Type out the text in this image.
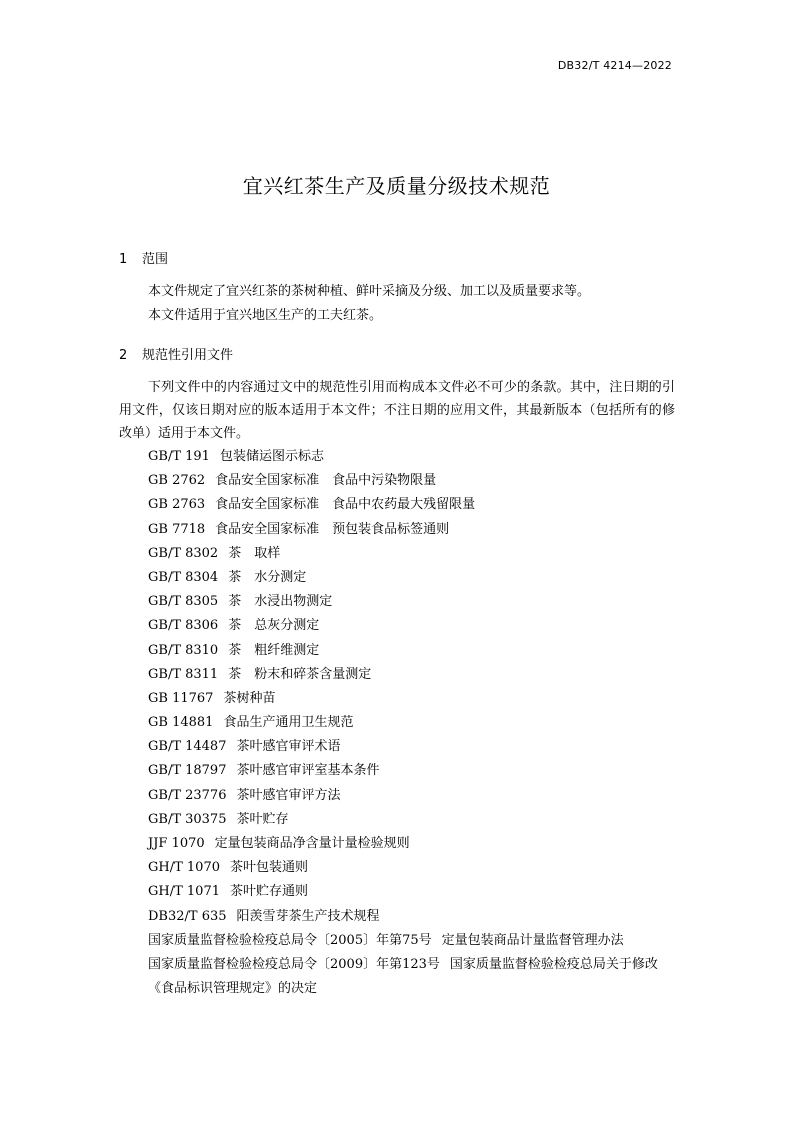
DB32/T 4214—2022
宜兴红茶生产及质量分级技术规范
1 范围
本文件规定了宜兴红茶的茶树种植、鲜叶采摘及分级、加工以及质量要求等。
本文件适用于宜兴地区生产的工夫红茶。
2 规范性引用文件
下列文件中的内容通过文中的规范性引用而构成本文件必不可少的条款。其中，注日期的引用文件，仅该日期对应的版本适用于本文件；不注日期的应用文件，其最新版本（包括所有的修改单）适用于本文件。
GB/T 191 包装储运图示标志
GB 2762 食品安全国家标准　食品中污染物限量
GB 2763 食品安全国家标准　食品中农药最大残留限量
GB 7718 食品安全国家标准　预包装食品标签通则
GB/T 8302 茶　取样
GB/T 8304 茶　水分测定
GB/T 8305 茶　水浸出物测定
GB/T 8306 茶　总灰分测定
GB/T 8310 茶　粗纤维测定
GB/T 8311 茶　粉末和碎茶含量测定
GB 11767 茶树种苗
GB 14881 食品生产通用卫生规范
GB/T 14487 茶叶感官审评术语
GB/T 18797 茶叶感官审评室基本条件
GB/T 23776 茶叶感官审评方法
GB/T 30375 茶叶贮存
JJF 1070 定量包装商品净含量计量检验规则
GH/T 1070 茶叶包装通则
GH/T 1071 茶叶贮存通则
DB32/T 635 阳羡雪芽茶生产技术规程
国家质量监督检验检疫总局令〔2005〕年第75号 定量包装商品计量监督管理办法
国家质量监督检验检疫总局令〔2009〕年第123号 国家质量监督检验检疫总局关于修改《食品标识管理规定》的决定
